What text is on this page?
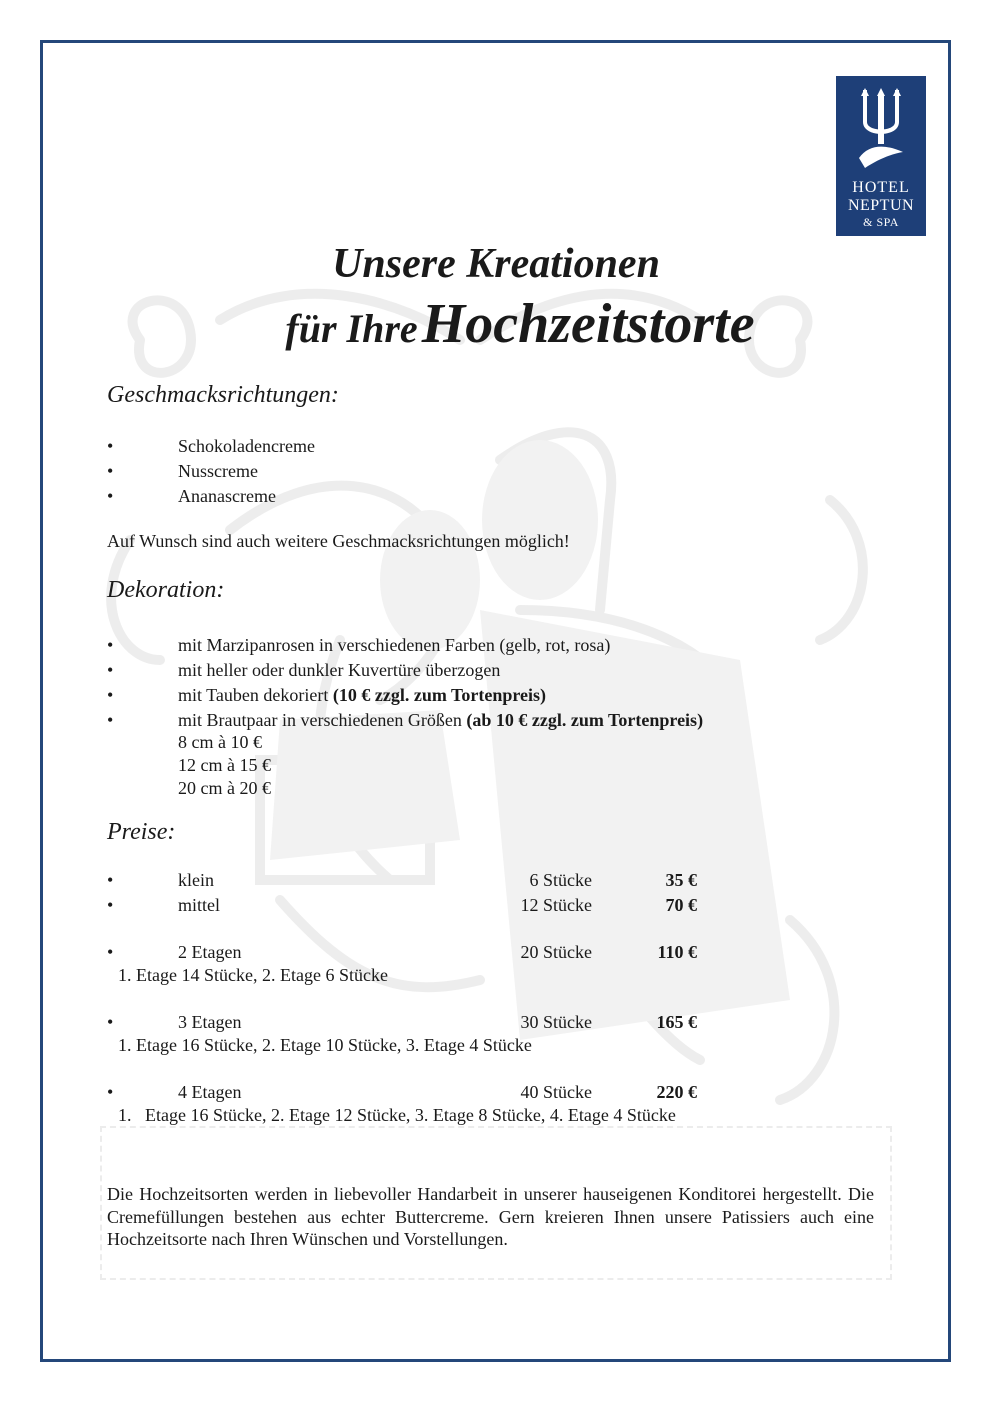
HOTEL
NEPTUN
& SPA
Unsere Kreationen
für Ihre Hochzeitstorte
Geschmacksrichtungen:
•	Schokoladencreme
•	Nusscreme
•	Ananascreme
Auf Wunsch sind auch weitere Geschmacksrichtungen möglich!
Dekoration:
•	mit Marzipanrosen in verschiedenen Farben (gelb, rot, rosa)
•	mit heller oder dunkler Kuvertüre überzogen
•	mit Tauben dekoriert (10 € zzgl. zum Tortenpreis)
•	mit Brautpaar in verschiedenen Größen (ab 10 € zzgl. zum Tortenpreis)
8 cm à 10 €
12 cm à 15 €
20 cm à 20 €
Preise:
•	klein	6 Stücke	35 €
•	mittel	12 Stücke	70 €
•	2 Etagen	20 Stücke	110 €
1. Etage 14 Stücke, 2. Etage 6 Stücke
•	3 Etagen	30 Stücke	165 €
1. Etage 16 Stücke, 2. Etage 10 Stücke, 3. Etage 4 Stücke
•	4 Etagen	40 Stücke	220 €
1.   Etage 16 Stücke, 2. Etage 12 Stücke, 3. Etage 8 Stücke, 4. Etage 4 Stücke
Die Hochzeitsorten werden in liebevoller Handarbeit in unserer hauseigenen Konditorei hergestellt. Die Cremefüllungen bestehen aus echter Buttercreme. Gern kreieren Ihnen unsere Patissiers auch eine Hochzeitsorte nach Ihren Wünschen und Vorstellungen.
